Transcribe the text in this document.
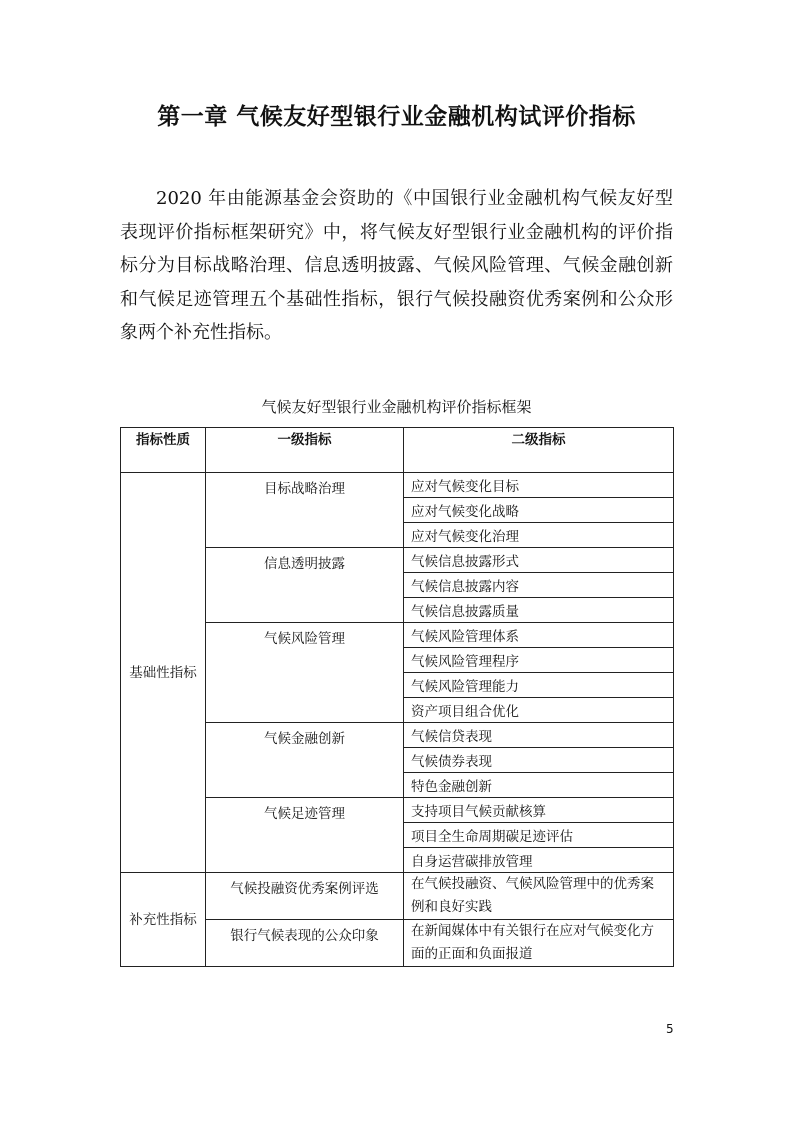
第一章 气候友好型银行业金融机构试评价指标

2020 年由能源基金会资助的《中国银行业金融机构气候友好型表现评价指标框架研究》中，将气候友好型银行业金融机构的评价指标分为目标战略治理、信息透明披露、气候风险管理、气候金融创新和气候足迹管理五个基础性指标，银行气候投融资优秀案例和公众形象两个补充性指标。

气候友好型银行业金融机构评价指标框架
指标性质	一级指标	二级指标
基础性指标	目标战略治理	应对气候变化目标
		应对气候变化战略
		应对气候变化治理
	信息透明披露	气候信息披露形式
		气候信息披露内容
		气候信息披露质量
	气候风险管理	气候风险管理体系
		气候风险管理程序
		气候风险管理能力
		资产项目组合优化
	气候金融创新	气候信贷表现
		气候债券表现
		特色金融创新
	气候足迹管理	支持项目气候贡献核算
		项目全生命周期碳足迹评估
		自身运营碳排放管理
补充性指标	气候投融资优秀案例评选	在气候投融资、气候风险管理中的优秀案例和良好实践
	银行气候表现的公众印象	在新闻媒体中有关银行在应对气候变化方面的正面和负面报道
5
